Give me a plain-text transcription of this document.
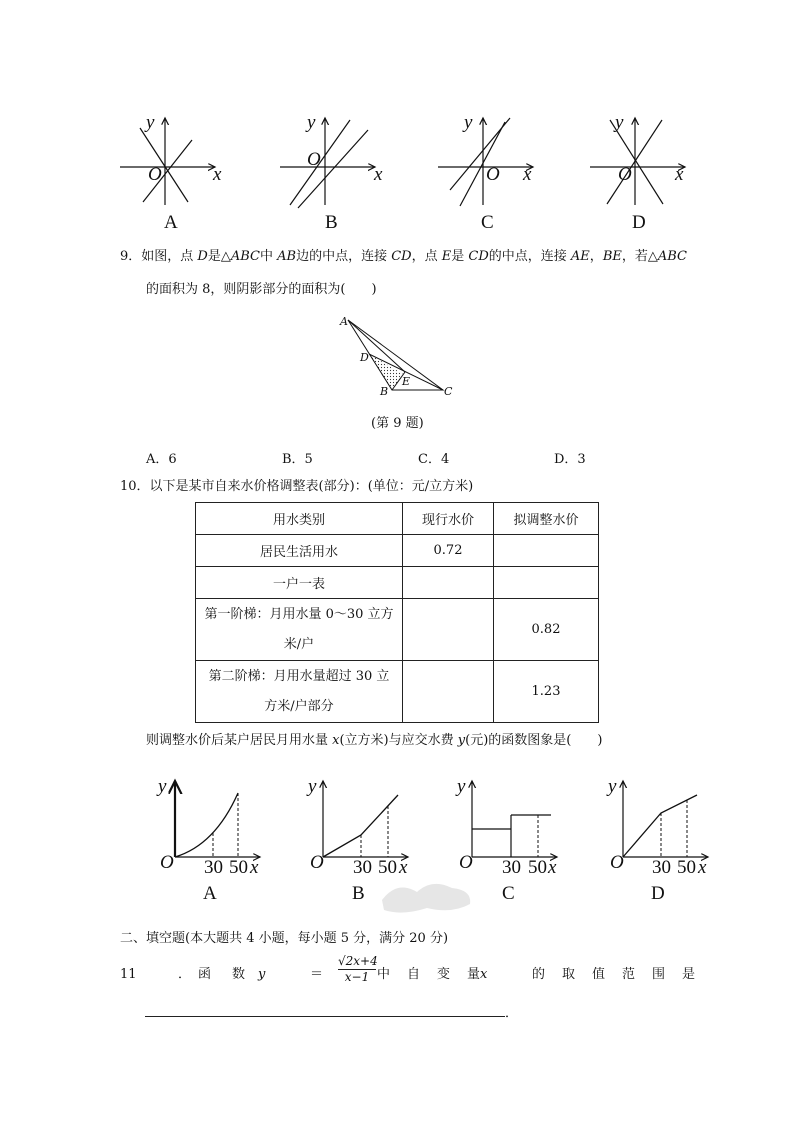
y
O	x
A
y
O
x
B
y
O x
C
y
O x
D
9．如图，点 D是△ABC中 AB边的中点，连接 CD，点 E是 CD的中点，连接 AE，BE，若△ABC
的面积为 8，则阴影部分的面积为(　　)
A
D
B
E
C
(第 9 题)
A．6	B．5	C．4	D．3
10．以下是某市自来水价格调整表(部分)：(单位：元/立方米)
用水类别	现行水价	拟调整水价
居民生活用水	0.72	
一户一表		

第一阶梯：月用水量 0～30 立方
米/户		0.82

第二阶梯：月用水量超过 30 立
方米/户部分		1.23
则调整水价后某户居民月用水量 x(立方米)与应交水费 y(元)的函数图象是(　　)
y
O 30 50 x
A
y
O 30 50 x
B
y
O 30 50 x
C
y
O 30 50 x
D
二、填空题(本大题共 4 小题，每小题 5 分，满分 20 分)
11	． 函　数 y	＝ $\frac{√2x+4}{x-1}$ 中　自　变　量
x	的　取　值　范　围　是
．
